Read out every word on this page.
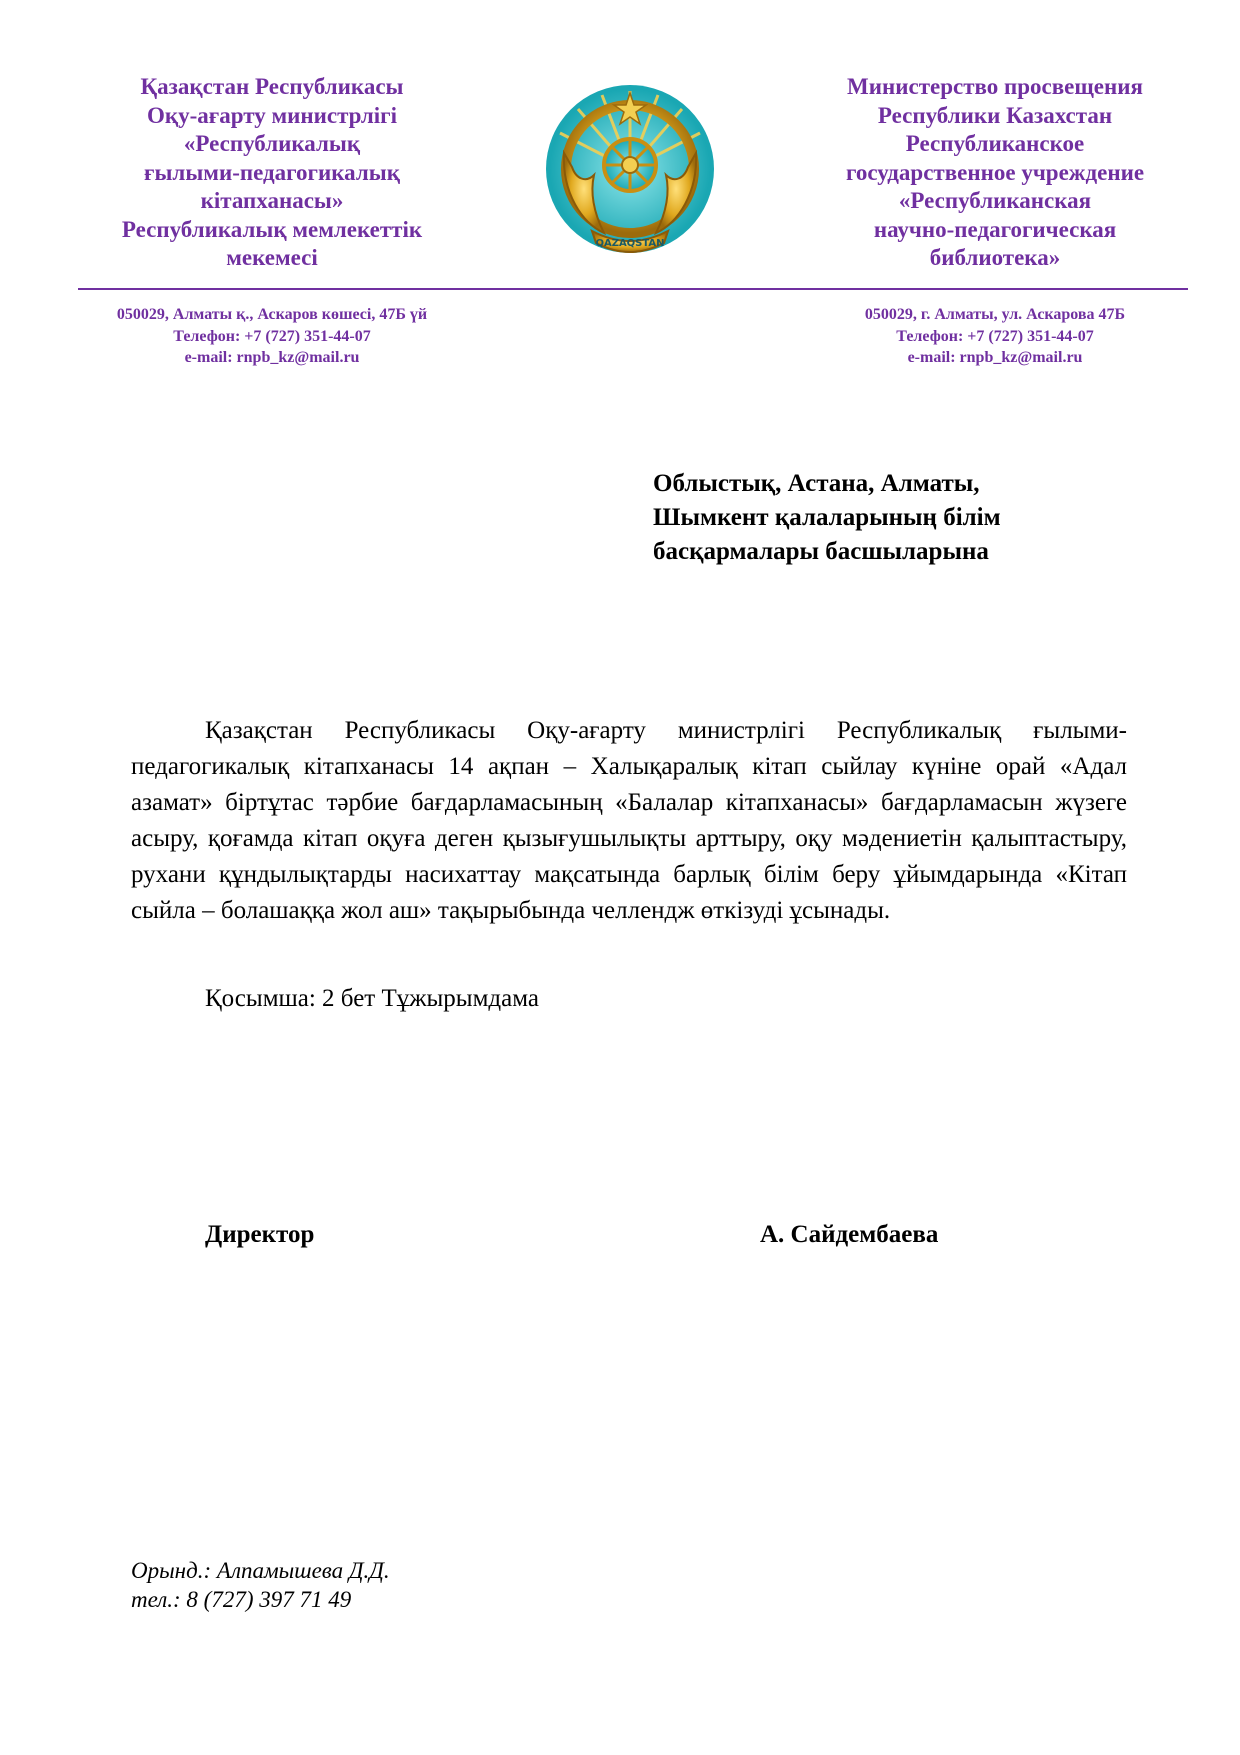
Қазақстан Республикасы
Оқу-ағарту министрлігі
«Республикалық
ғылыми-педагогикалық
кітапханасы»
Республикалық мемлекеттік
мекемесі
QAZAQSTAN
Министерство просвещения
Республики Казахстан
Республиканское
государственное учреждение
«Республиканская
научно-педагогическая
библиотека»
050029, Алматы қ., Аскаров көшесі, 47Б үй
Телефон: +7 (727) 351-44-07
e-mail: rnpb_kz@mail.ru
050029, г. Алматы, ул. Аскарова 47Б
Телефон: +7 (727) 351-44-07
e-mail: rnpb_kz@mail.ru
Облыстық, Астана, Алматы,
Шымкент қалаларының білім
басқармалары басшыларына

Қазақстан Республикасы Оқу-ағарту министрлігі Республикалық ғылыми-педагогикалық кітапханасы 14 ақпан – Халықаралық кітап сыйлау күніне орай «Адал азамат» біртұтас тәрбие бағдарламасының «Балалар кітапханасы» бағдарламасын жүзеге асыру, қоғамда кітап оқуға деген қызығушылықты арттыру, оқу мәдениетін қалыптастыру, рухани құндылықтарды насихаттау мақсатында барлық білім беру ұйымдарында «Кітап сыйла – болашаққа жол аш» тақырыбында челлендж өткізуді ұсынады.

Қосымша: 2 бет Тұжырымдама
Директор	А. Сайдембаева
Орынд.: Алпамышева Д.Д.
тел.: 8 (727) 397 71 49
